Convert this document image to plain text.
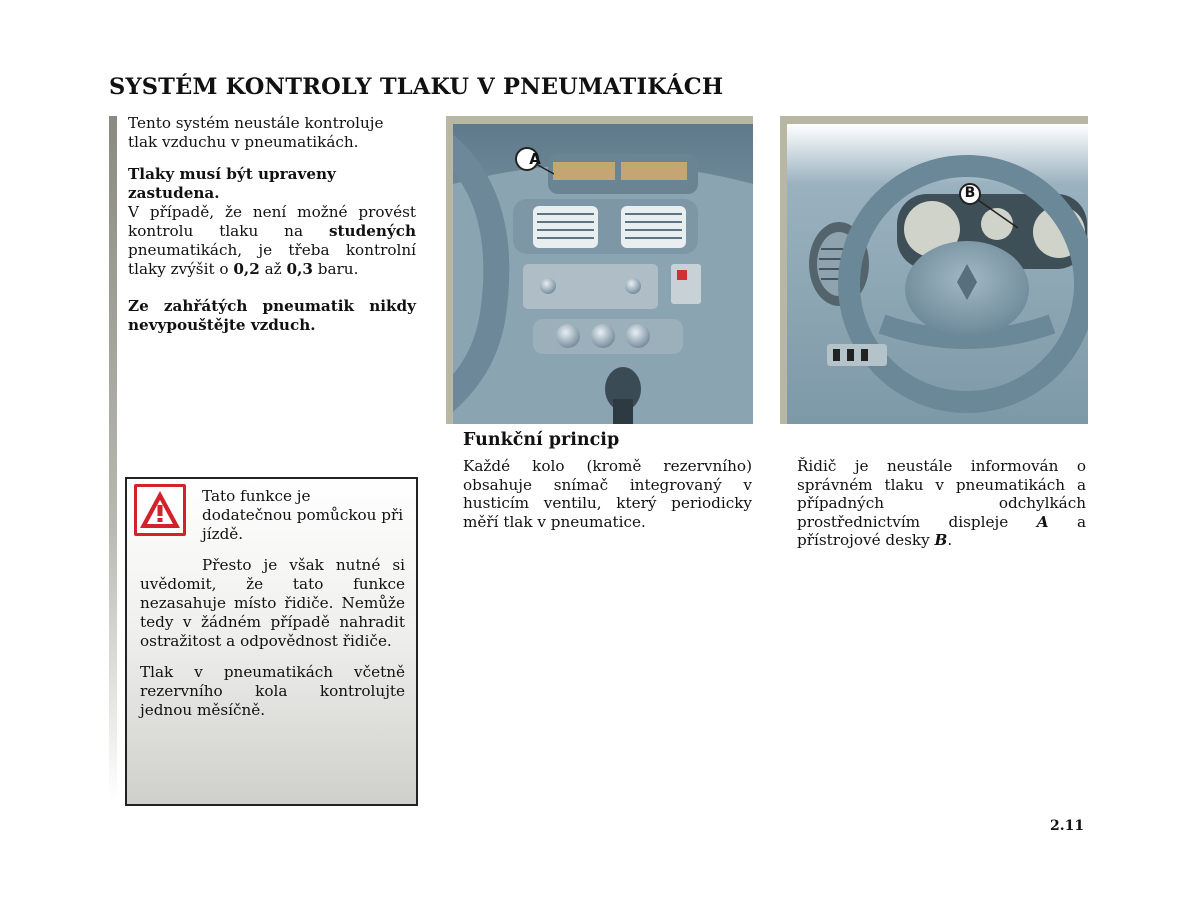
SYSTÉM KONTROLY TLAKU V PNEUMATIKÁCH

Tento systém neustále kontroluje tlak vzduchu v pneumatikách.

Tlaky musí být upraveny zastudena.

V případě, že není možné provést kontrolu tlaku na studených pneumatikách, je třeba kontrolní tlaky zvýšit o 0,2 až 0,3 baru.

Ze zahřátých pneumatik nikdy nevypouštějte vzduch.

Tato funkce je dodatečnou pomůckou při jízdě.

Přesto je však nutné si uvědomit, že tato funkce nezasahuje místo řidiče. Nemůže tedy v žádném případě nahradit ostražitost a odpovědnost řidiče.

Tlak v pneumatikách včetně rezervního kola kontrolujte jednou měsíčně.

A
B
Funkční princip
Každé kolo (kromě rezervního) obsahuje snímač integrovaný v husticím ventilu, který periodicky měří tlak v pneumatice.
Řidič je neustále informován o správném tlaku v pneumatikách a případných odchylkách prostřednictvím displeje A a přístrojové desky B.
2.11
